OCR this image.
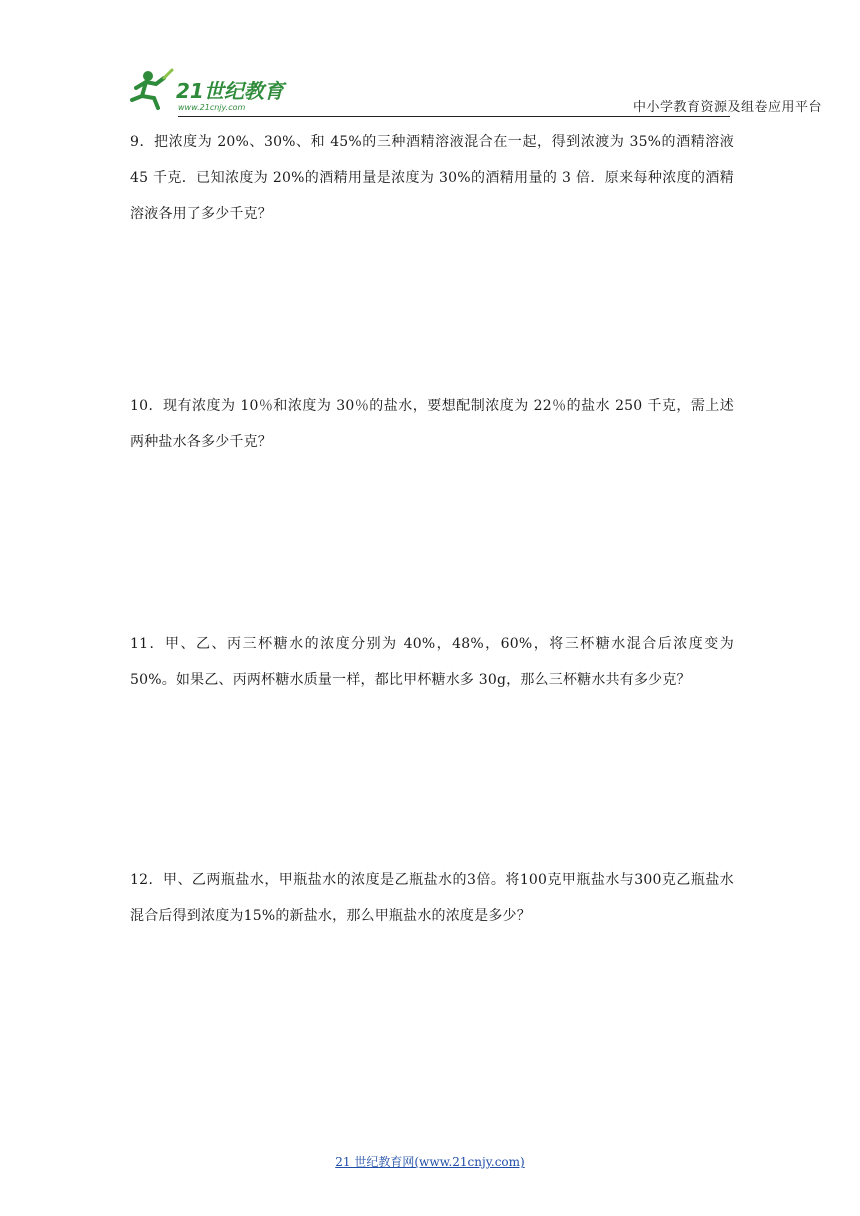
21世纪教育
www.21cnjy.com	中小学教育资源及组卷应用平台
9．把浓度为 20%、30%、和 45%的三种酒精溶液混合在一起，得到浓渡为 35%的酒精溶液 45 千克．已知浓度为 20%的酒精用量是浓度为 30%的酒精用量的 3 倍．原来每种浓度的酒精溶液各用了多少千克？
10．现有浓度为 10％和浓度为 30％的盐水，要想配制浓度为 22％的盐水 250 千克，需上述两种盐水各多少千克？
11．甲、乙、丙三杯糖水的浓度分别为 40%，48%，60%，将三杯糖水混合后浓度变为 50%。如果乙、丙两杯糖水质量一样，都比甲杯糖水多 30g，那么三杯糖水共有多少克？
12．甲、乙两瓶盐水，甲瓶盐水的浓度是乙瓶盐水的3倍。将100克甲瓶盐水与300克乙瓶盐水混合后得到浓度为15%的新盐水，那么甲瓶盐水的浓度是多少？
21 世纪教育网(www.21cnjy.com)
